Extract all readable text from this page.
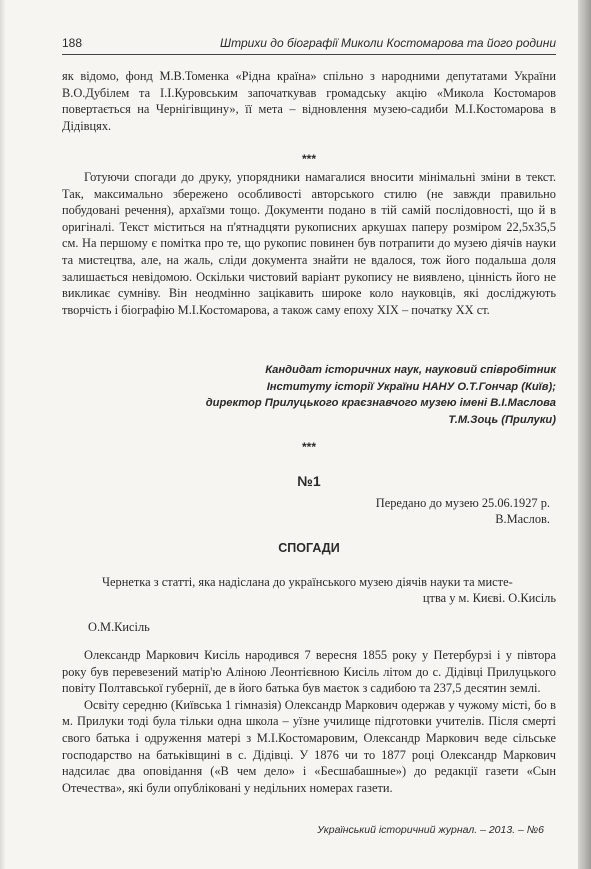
188	Штрихи до біографії Миколи Костомарова та його родини

як відомо, фонд М.В.Томенка «Рідна країна» спільно з народними депутатами України В.О.Дубілем та І.І.Куровським започаткував громадську акцію «Микола Костомаров повертається на Чернігівщину», її мета – відновлення музею-садиби М.І.Костомарова в Дідівцях.

***

Готуючи спогади до друку, упорядники намагалися вносити мінімальні зміни в текст. Так, максимально збережено особливості авторського стилю (не завжди правильно побудовані речення), архаїзми тощо. Документи подано в тій самій послідовності, що й в оригіналі. Текст міститься на п'ятнадцяти рукописних аркушах паперу розміром 22,5х35,5 см. На першому є помітка про те, що рукопис повинен був потрапити до музею діячів науки та мистецтва, але, на жаль, сліди документа знайти не вдалося, тож його подальша доля залишається невідомою. Оскільки чистовий варіант рукопису не виявлено, цінність його не викликає сумніву. Він неодмінно зацікавить широке коло науковців, які досліджують творчість і біографію М.І.Костомарова, а також саму епоху XIX – початку XX ст.

Кандидат історичних наук, науковий співробітник
Інституту історії України НАНУ О.Т.Гончар (Київ);
директор Прилуцького краєзнавчого музею імені В.І.Маслова
Т.М.Зоць (Прилуки)
***
№1
Передано до музею 25.06.1927 р.
В.Маслов.
СПОГАДИ
Чернетка з статті, яка надіслана до українського музею діячів науки та мисте-
цтва у м. Києві. О.Кисіль
О.М.Кисіль

Олександр Маркович Кисіль народився 7 вересня 1855 року у Петербурзі і у півтора року був перевезений матір'ю Аліною Леонтієвною Кисіль літом до с. Дідівці Прилуцького повіту Полтавської губернії, де в його батька був маєток з садибою та 237,5 десятин землі.

Освіту середню (Київська 1 гімназія) Олександр Маркович одержав у чужому місті, бо в м. Прилуки тоді була тільки одна школа – уїзне училище підготовки учителів. Після смерті свого батька і одруження матері з М.І.Костомаровим, Олександр Маркович веде сільське господарство на батьківщині в с. Дідівці. У 1876 чи то 1877 році Олександр Маркович надсилає два оповідання («В чем дело» і «Бесшабашные») до редакції газети «Сын Отечества», які були опубліковані у недільних номерах газети.

Український історичний журнал. – 2013. – №6
